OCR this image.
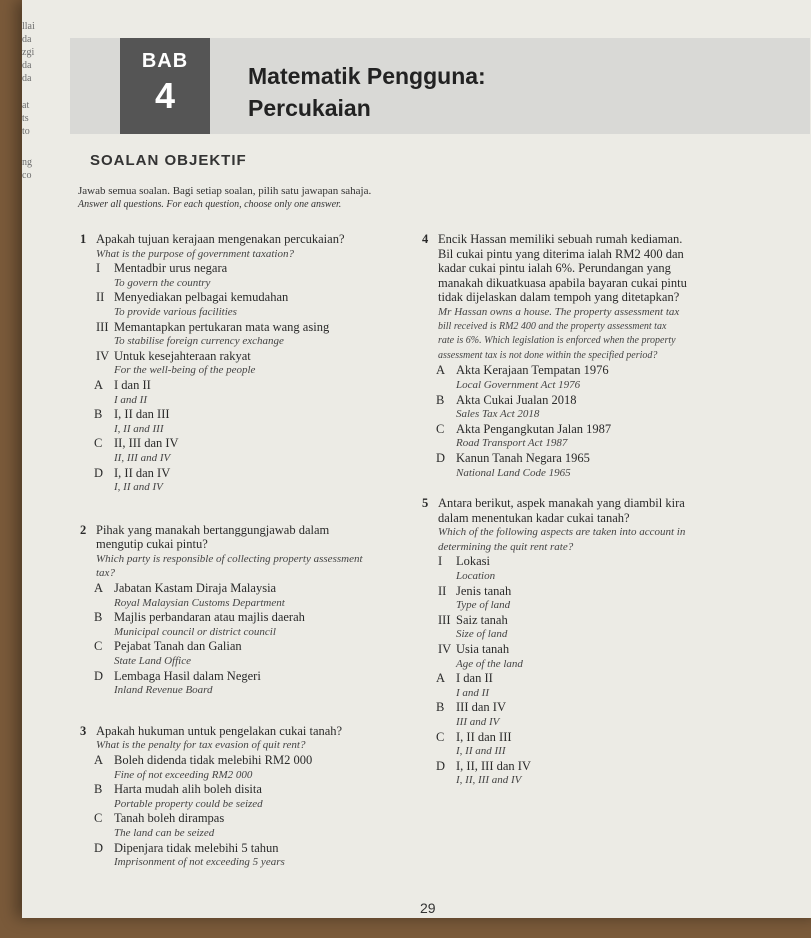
llai
da
zgi
da
da
at
ts
to
ng
co
BAB
4	Matematik Pengguna:
Percukaian
SOALAN OBJEKTIF
Jawab semua soalan. Bagi setiap soalan, pilih satu jawapan sahaja.
Answer all questions. For each question, choose only one answer.
1 Apakah tujuan kerajaan mengenakan percukaian?
What is the purpose of government taxation?
I	Mentadbir urus negara
To govern the country
II Menyediakan pelbagai kemudahan
To provide various facilities
III Memantapkan pertukaran mata wang asing
To stabilise foreign currency exchange
IV Untuk kesejahteraan rakyat
For the well-being of the people
A I dan II
I and II
B I, II dan III
I, II and III
C II, III dan IV
II, III and IV
D I, II dan IV
I, II and IV
2 Pihak yang manakah bertanggungjawab dalam
mengutip cukai pintu?
Which party is responsible of collecting property assessment
tax?
A Jabatan Kastam Diraja Malaysia
Royal Malaysian Customs Department
B Majlis perbandaran atau majlis daerah
Municipal council or district council
C Pejabat Tanah dan Galian
State Land Office
D Lembaga Hasil dalam Negeri
Inland Revenue Board
3 Apakah hukuman untuk pengelakan cukai tanah?
What is the penalty for tax evasion of quit rent?
A Boleh didenda tidak melebihi RM2 000
Fine of not exceeding RM2 000
B Harta mudah alih boleh disita
Portable property could be seized
C Tanah boleh dirampas
The land can be seized
D Dipenjara tidak melebihi 5 tahun
Imprisonment of not exceeding 5 years
4 Encik Hassan memiliki sebuah rumah kediaman.
Bil cukai pintu yang diterima ialah RM2 400 dan
kadar cukai pintu ialah 6%. Perundangan yang
manakah dikuatkuasa apabila bayaran cukai pintu
tidak dijelaskan dalam tempoh yang ditetapkan?
Mr Hassan owns a house. The property assessment tax
bill received is RM2 400 and the property assessment tax
rate is 6%. Which legislation is enforced when the property
assessment tax is not done within the specified period?
A Akta Kerajaan Tempatan 1976
Local Government Act 1976
B Akta Cukai Jualan 2018
Sales Tax Act 2018
C Akta Pengangkutan Jalan 1987
Road Transport Act 1987
D Kanun Tanah Negara 1965
National Land Code 1965
5 Antara berikut, aspek manakah yang diambil kira
dalam menentukan kadar cukai tanah?
Which of the following aspects are taken into account in
determining the quit rent rate?
I	Lokasi
Location
II Jenis tanah
Type of land
III Saiz tanah
Size of land
IV Usia tanah
Age of the land
A I dan II
I and II
B III dan IV
III and IV
C I, II dan III
I, II and III
D I, II, III dan IV
I, II, III and IV
29
